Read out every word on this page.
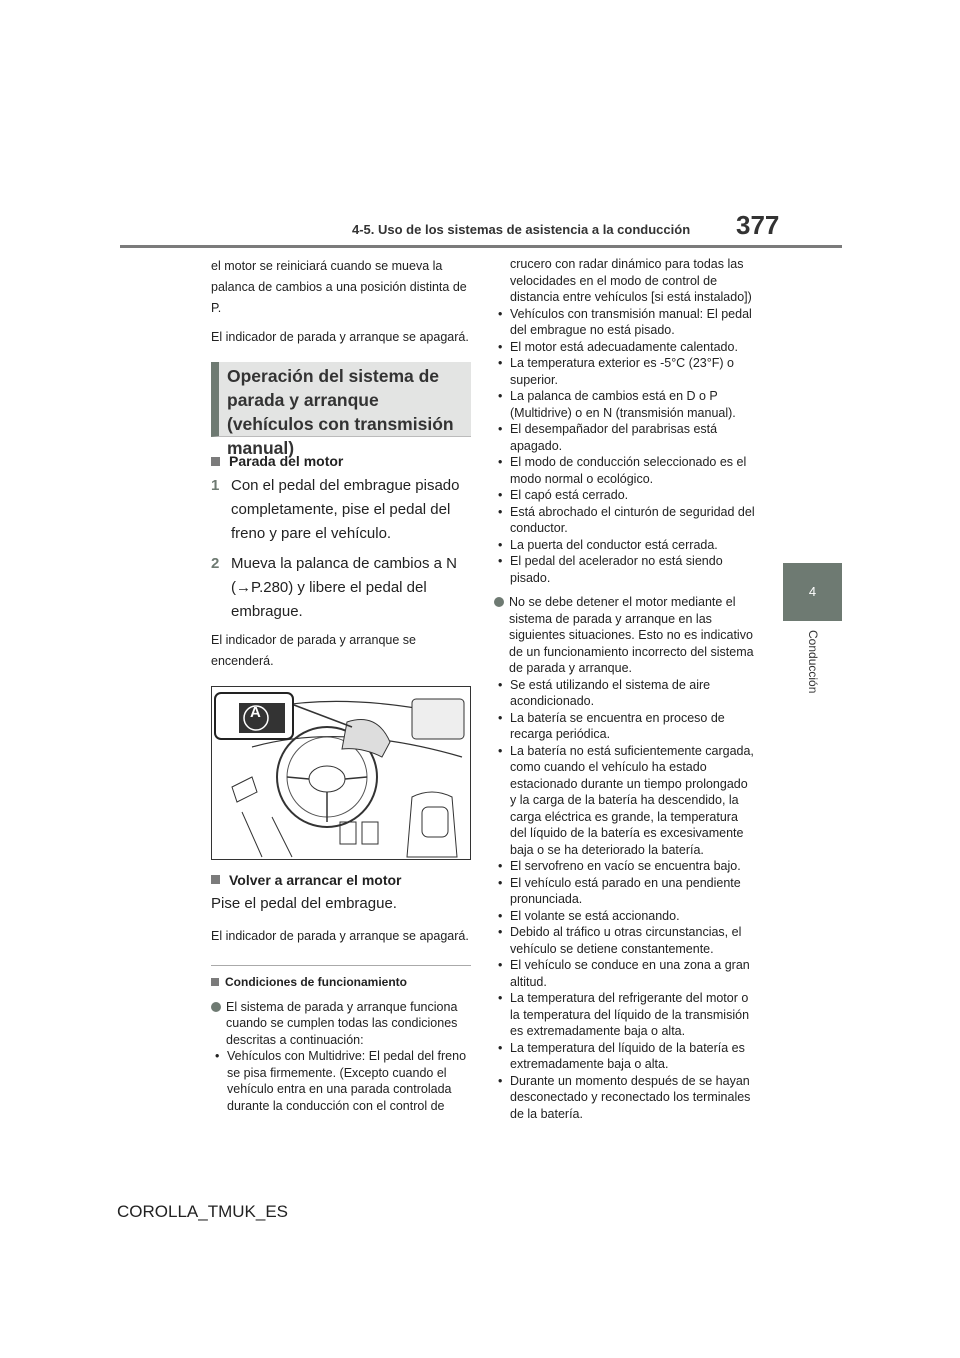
4-5. Uso de los sistemas de asistencia a la conducción 377
4
Conducción

el motor se reiniciará cuando se mueva la palanca de cambios a una posición distinta de P.

El indicador de parada y arranque se apagará.

Operación del sistema de parada y arranque (vehículos con transmisión manual)
Parada del motor
1 Con el pedal del embrague pisado completamente, pise el pedal del freno y pare el vehículo.
2 Mueva la palanca de cambios a N (→P.280) y libere el pedal del embrague.

El indicador de parada y arranque se encenderá.

A
Volver a arrancar el motor
Pise el pedal del embrague.

El indicador de parada y arranque se apagará.

Condiciones de funcionamiento
El sistema de parada y arranque funciona cuando se cumplen todas las condiciones descritas a continuación:
• Vehículos con Multidrive: El pedal del freno se pisa firmemente. (Excepto cuando el vehículo entra en una parada controlada durante la conducción con el control de
crucero con radar dinámico para todas las velocidades en el modo de control de distancia entre vehículos [si está instalado])
• Vehículos con transmisión manual: El pedal del embrague no está pisado.
• El motor está adecuadamente calentado.
• La temperatura exterior es -5°C (23°F) o superior.
• La palanca de cambios está en D o P (Multidrive) o en N (transmisión manual).
• El desempañador del parabrisas está apagado.
• El modo de conducción seleccionado es el modo normal o ecológico.
• El capó está cerrado.
• Está abrochado el cinturón de seguridad del conductor.
• La puerta del conductor está cerrada.
• El pedal del acelerador no está siendo pisado.
No se debe detener el motor mediante el sistema de parada y arranque en las siguientes situaciones. Esto no es indicativo de un funcionamiento incorrecto del sistema de parada y arranque.
• Se está utilizando el sistema de aire acondicionado.
• La batería se encuentra en proceso de recarga periódica.
• La batería no está suficientemente cargada, como cuando el vehículo ha estado estacionado durante un tiempo prolongado y la carga de la batería ha descendido, la carga eléctrica es grande, la temperatura del líquido de la batería es excesivamente baja o se ha deteriorado la batería.
• El servofreno en vacío se encuentra bajo.
• El vehículo está parado en una pendiente pronunciada.
• El volante se está accionando.
• Debido al tráfico u otras circunstancias, el vehículo se detiene constantemente.
• El vehículo se conduce en una zona a gran altitud.
• La temperatura del refrigerante del motor o la temperatura del líquido de la transmisión es extremadamente baja o alta.
• La temperatura del líquido de la batería es extremadamente baja o alta.
• Durante un momento después de se hayan desconectado y reconectado los terminales de la batería.
COROLLA_TMUK_ES
